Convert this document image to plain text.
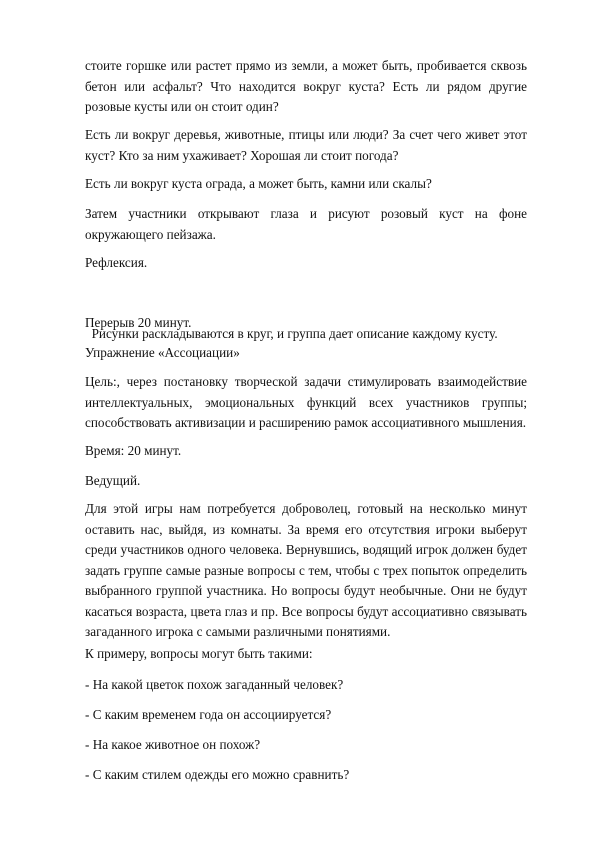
стоите горшке или растет прямо из земли, а может быть, пробивается сквозь
бетон или асфальт? Что находится вокруг куста? Есть ли рядом другие
розовые кусты или он стоит один?
Есть ли вокруг деревья, животные, птицы или люди? За счет чего живет этот
куст? Кто за ним ухаживает? Хорошая ли стоит погода?
Есть ли вокруг куста ограда, а может быть, камни или скалы?
Затем участники открывают глаза и рисуют розовый куст на фоне
окружающего пейзажа.
Рефлексия.

Рисунки раскладываются в круг, и группа дает описание каждому кусту.

Перерыв 20 минут.
Упражнение «Ассоциации»
Цель:, через постановку творческой задачи стимулировать взаимодействие
интеллектуальных, эмоциональных функций всех участников группы;
способствовать активизации и расширению рамок ассоциативного мышления.
Время: 20 минут.
Ведущий.
Для этой игры нам потребуется доброволец, готовый на несколько минут
оставить нас, выйдя, из комнаты. За время его отсутствия игроки выберут
среди участников одного человека. Вернувшись, водящий игрок должен будет
задать группе самые разные вопросы с тем, чтобы с трех попыток определить
выбранного группой участника. Но вопросы будут необычные. Они не будут
касаться возраста, цвета глаз и пр. Все вопросы будут ассоциативно связывать
загаданного игрока с самыми различными понятиями.
К примеру, вопросы могут быть такими:
- На какой цветок похож загаданный человек?
- С каким временем года он ассоциируется?
- На какое животное он похож?
- С каким стилем одежды его можно сравнить?
